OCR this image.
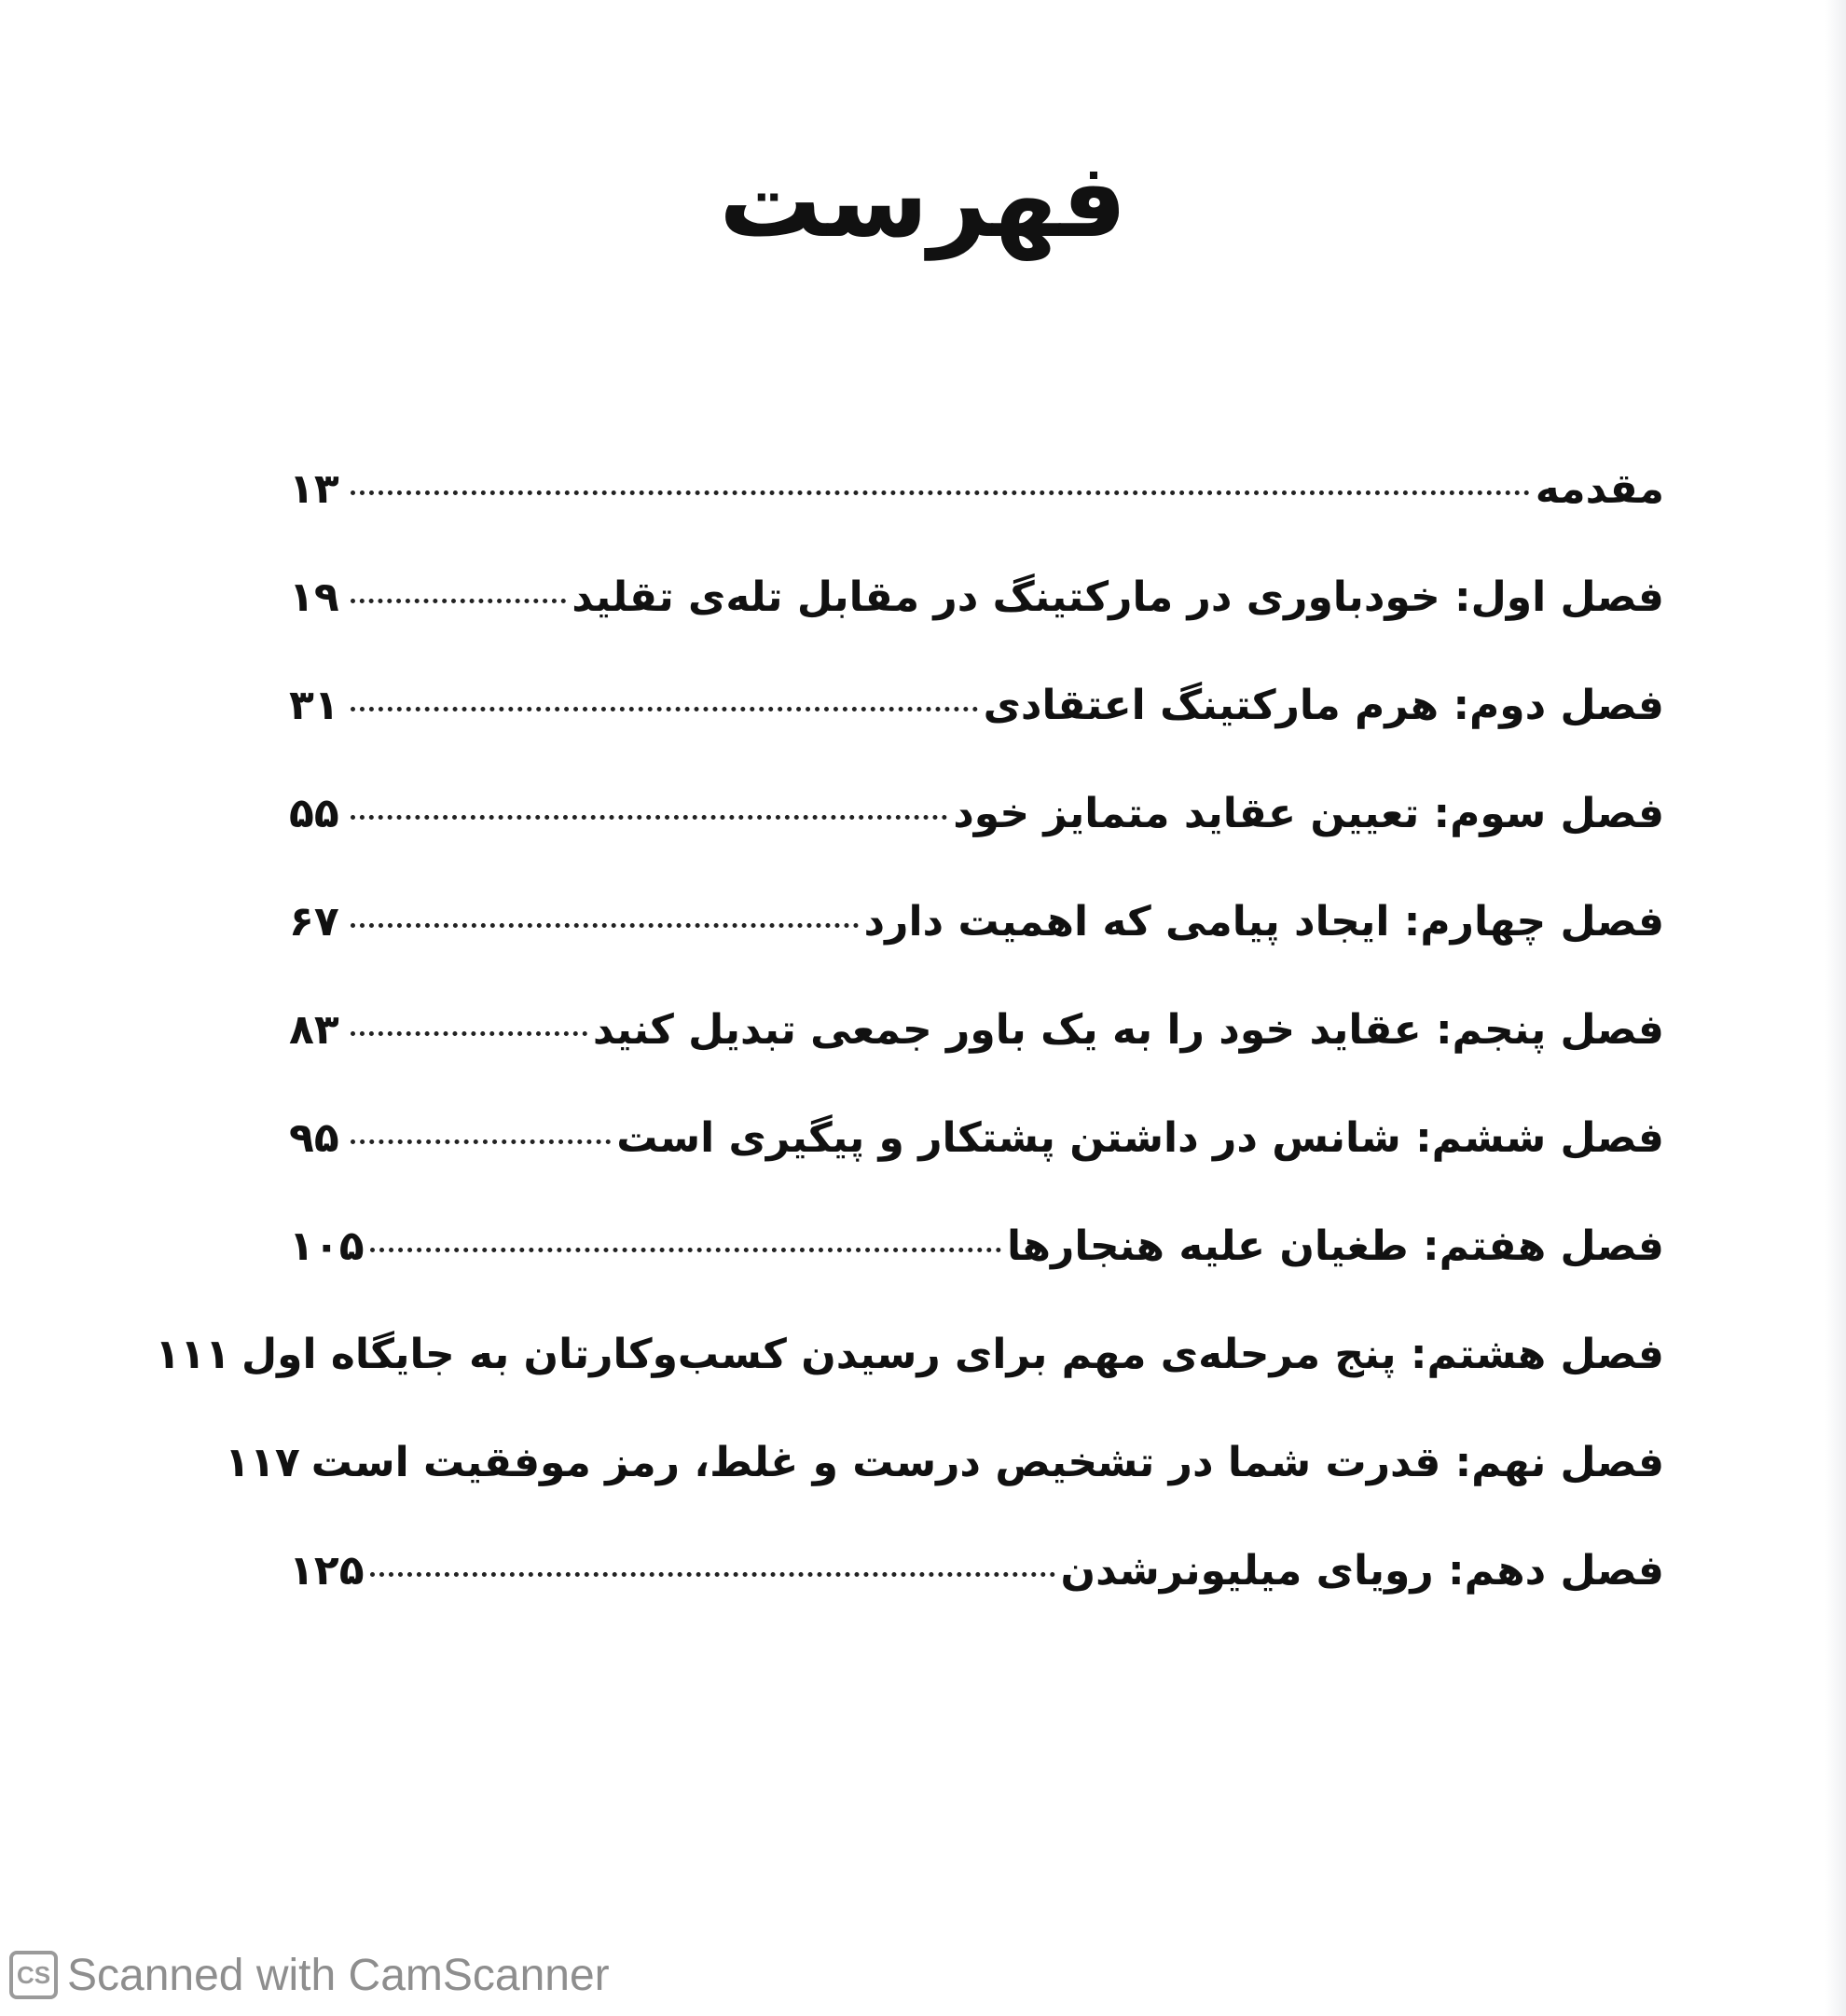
فهرست
مقدمه
۱۳
فصل اول: خودباوری در مارکتینگ در مقابل تله‌ی تقلید
۱۹
فصل دوم: هرم مارکتینگ اعتقادی
۳۱
فصل سوم: تعیین عقاید متمایز خود
۵۵
فصل چهارم: ایجاد پیامی که اهمیت دارد
۶۷
فصل پنجم: عقاید خود را به یک باور جمعی تبدیل کنید
۸۳
فصل ششم: شانس در داشتن پشتکار و پیگیری است
۹۵
فصل هفتم: طغیان علیه هنجارها
۱۰۵
فصل هشتم: پنج مرحله‌ی مهم برای رسیدن کسب‌وکارتان به جایگاه اول
۱۱۱
فصل نهم: قدرت شما در تشخیص درست و غلط، رمز موفقیت است
۱۱۷
فصل دهم: رویای میلیونرشدن
۱۲۵
CS Scanned with CamScanner
